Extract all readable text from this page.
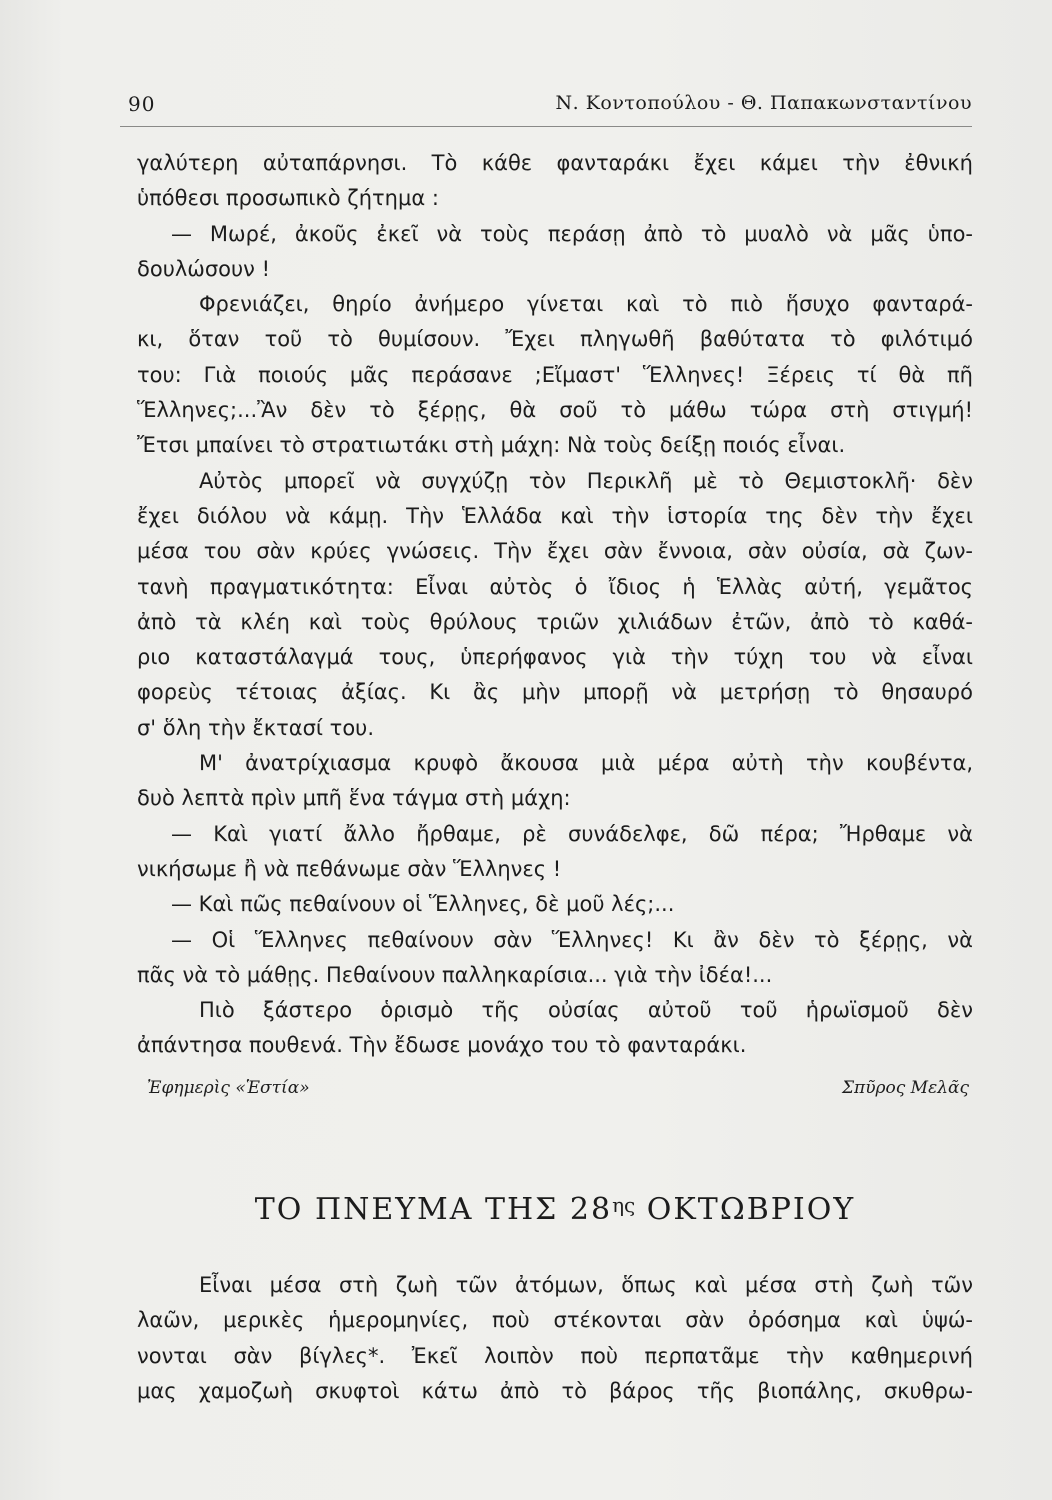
90	Ν. Κοντοπούλου - Θ. Παπακωνσταντίνου
γαλύτερη αὐταπάρνησι. Τὸ κάθε φανταράκι ἔχει κάμει τὴν ἐθνική
ὑπόθεσι προσωπικὸ ζήτημα :
— Μωρέ, ἀκοῦς ἐκεῖ νὰ τοὺς περάσῃ ἀπὸ τὸ μυαλὸ νὰ μᾶς ὑπο-
δουλώσουν !
Φρενιάζει, θηρίο ἀνήμερο γίνεται καὶ τὸ πιὸ ἥσυχο φανταρά-
κι, ὅταν τοῦ τὸ θυμίσουν. Ἔχει πληγωθῆ βαθύτατα τὸ φιλότιμό
του: Γιὰ ποιούς μᾶς περάσανε ;Εἴμαστ' Ἕλληνες! Ξέρεις τί θὰ πῆ
Ἕλληνες;...Ἂν δὲν τὸ ξέρῃς, θὰ σοῦ τὸ μάθω τώρα στὴ στιγμή!
Ἔτσι μπαίνει τὸ στρατιωτάκι στὴ μάχη: Νὰ τοὺς δείξῃ ποιός εἶναι.
Αὐτὸς μπορεῖ νὰ συγχύζῃ τὸν Περικλῆ μὲ τὸ Θεμιστοκλῆ· δὲν
ἔχει διόλου νὰ κάμῃ. Τὴν Ἑλλάδα καὶ τὴν ἱστορία της δὲν τὴν ἔχει
μέσα του σὰν κρύες γνώσεις. Τὴν ἔχει σὰν ἔννοια, σὰν οὐσία, σὰ ζων-
τανὴ πραγματικότητα: Εἶναι αὐτὸς ὁ ἴδιος ἡ Ἑλλὰς αὐτή, γεμᾶτος
ἀπὸ τὰ κλέη καὶ τοὺς θρύλους τριῶν χιλιάδων ἐτῶν, ἀπὸ τὸ καθά-
ριο καταστάλαγμά τους, ὑπερήφανος γιὰ τὴν τύχη του νὰ εἶναι
φορεὺς τέτοιας ἀξίας. Κι ἂς μὴν μπορῇ νὰ μετρήσῃ τὸ θησαυρό
σ' ὅλη τὴν ἔκτασί του.
Μ' ἀνατρίχιασμα κρυφὸ ἄκουσα μιὰ μέρα αὐτὴ τὴν κουβέντα,
δυὸ λεπτὰ πρὶν μπῆ ἕνα τάγμα στὴ μάχη:
— Καὶ γιατί ἄλλο ἤρθαμε, ρὲ συνάδελφε, δῶ πέρα; Ἤρθαμε νὰ
νικήσωμε ἢ νὰ πεθάνωμε σὰν Ἕλληνες !
— Καὶ πῶς πεθαίνουν οἱ Ἕλληνες, δὲ μοῦ λές;...
— Οἱ Ἕλληνες πεθαίνουν σὰν Ἕλληνες! Κι ἂν δὲν τὸ ξέρῃς, νὰ
πᾶς νὰ τὸ μάθῃς. Πεθαίνουν παλληκαρίσια... γιὰ τὴν ἰδέα!...
Πιὸ ξάστερο ὁρισμὸ τῆς οὐσίας αὐτοῦ τοῦ ἡρωϊσμοῦ δὲν
ἀπάντησα πουθενά. Τὴν ἔδωσε μονάχο του τὸ φανταράκι.
Ἐφημερὶς «Ἑστία»	Σπῦρος Μελᾶς
ΤΟ ΠΝΕΥΜΑ ΤΗΣ $28^{\eta\varsigma}$ ΟΚΤΩΒΡΙΟΥ
Εἶναι μέσα στὴ ζωὴ τῶν ἀτόμων, ὅπως καὶ μέσα στὴ ζωὴ τῶν
λαῶν, μερικὲς ἡμερομηνίες, ποὺ στέκονται σὰν ὀρόσημα καὶ ὑψώ-
νονται σὰν βίγλες*. Ἐκεῖ λοιπὸν ποὺ περπατᾶμε τὴν καθημερινή
μας χαμοζωὴ σκυφτοὶ κάτω ἀπὸ τὸ βάρος τῆς βιοπάλης, σκυθρω-
